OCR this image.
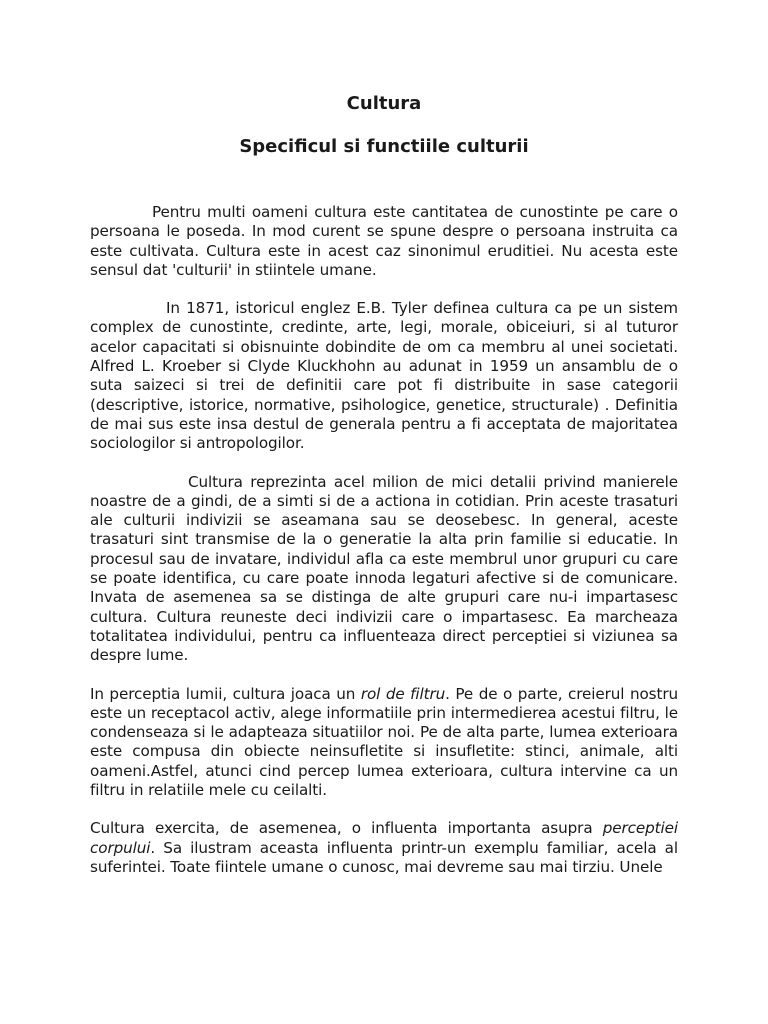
Cultura
Specificul si functiile culturii

Pentru multi oameni cultura este cantitatea de cunostinte pe care o persoana le poseda. In mod curent se spune despre o persoana instruita ca este cultivata. Cultura este in acest caz sinonimul eruditiei. Nu acesta este sensul dat 'culturii' in stiintele umane.

In 1871, istoricul englez E.B. Tyler definea cultura ca pe un sistem complex de cunostinte, credinte, arte, legi, morale, obiceiuri, si al tuturor acelor capacitati si obisnuinte dobindite de om ca membru al unei societati. Alfred L. Kroeber si Clyde Kluckhohn au adunat in 1959 un ansamblu de o suta saizeci si trei de definitii care pot fi distribuite in sase categorii (descriptive, istorice, normative, psihologice, genetice, structurale) . Definitia de mai sus este insa destul de generala pentru a fi acceptata de majoritatea sociologilor si antropologilor.

Cultura reprezinta acel milion de mici detalii privind manierele noastre de a gindi, de a simti si de a actiona in cotidian. Prin aceste trasaturi ale culturii indivizii se aseamana sau se deosebesc. In general, aceste trasaturi sint transmise de la o generatie la alta prin familie si educatie. In procesul sau de invatare, individul afla ca este membrul unor grupuri cu care se poate identifica, cu care poate innoda legaturi afective si de comunicare. Invata de asemenea sa se distinga de alte grupuri care nu-i impartasesc cultura. Cultura reuneste deci indivizii care o impartasesc. Ea marcheaza totalitatea individului, pentru ca influenteaza direct perceptiei si viziunea sa despre lume.

In perceptia lumii, cultura joaca un rol de filtru. Pe de o parte, creierul nostru este un receptacol activ, alege informatiile prin intermedierea acestui filtru, le condenseaza si le adapteaza situatiilor noi. Pe de alta parte, lumea exterioara este compusa din obiecte neinsufletite si insufletite: stinci, animale, alti oameni.Astfel, atunci cind percep lumea exterioara, cultura intervine ca un filtru in relatiile mele cu ceilalti.

Cultura exercita, de asemenea, o influenta importanta asupra perceptiei corpului. Sa ilustram aceasta influenta printr-un exemplu familiar, acela al suferintei. Toate fiintele umane o cunosc, mai devreme sau mai tirziu. Unele
